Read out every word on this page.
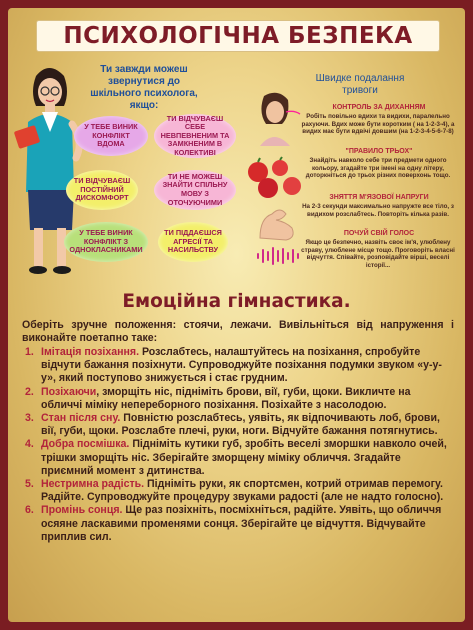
ПСИХОЛОГІЧНА БЕЗПЕКА
Ти завжди можеш звернутися до шкільного психолога, якщо:
У ТЕБЕ ВИНИК КОНФЛІКТ ВДОМА
ТИ ВІДЧУВАЄШ СЕБЕ НЕВПЕВНЕНИМ ТА ЗАМКНЕНИМ В КОЛЕКТИВІ
ТИ ВІДЧУВАЄШ ПОСТІЙНИЙ ДИСКОМФОРТ
ТИ НЕ МОЖЕШ ЗНАЙТИ СПІЛЬНУ МОВУ З ОТОЧУЮЧИМИ
У ТЕБЕ ВИНИК КОНФЛІКТ З ОДНОКЛАСНИКАМИ
ТИ ПІДДАЄШСЯ АГРЕСІЇ ТА НАСИЛЬСТВУ
Швидке подалання тривоги
КОНТРОЛЬ ЗА ДИХАННЯМ
Робіть повільно вдихи та видихи, паралельно рахуючи. Вдих може бути коротким ( на 1-2-3-4), а видих має бути вдвічі довшим (на 1-2-3-4-5-6-7-8)
"ПРАВИЛО ТРЬОХ"
Знайдіть навколо себе три предмети одного кольору, згадайте три імені на одну літеру, доторкніться до трьох різних поверхонь тощо.
ЗНЯТТЯ М'ЯЗОВОЇ НАПРУГИ
На 2-3 секунди максимально напружте все тіло, з видихом розслабтесь. Повторіть кілька разів.
ПОЧУЙ СВІЙ ГОЛОС
Якщо це безпечно, назвіть своє ім'я, улюблену страву, улюблене місце тощо. Проговоріть власні відчуття. Співайте, розповідайте вірші, веселі історії...
Емоційна гімнастика.
Оберіть зручне положення: стоячи, лежачи. Вивільніться від напруження і виконайте поетапно таке:
1. Імітація позіхання. Розслабтесь, налаштуйтесь на позіхання, спробуйте відчути бажання позіхнути. Супроводжуйте позіхання подумки звуком «у-у-у», який поступово знижується і стає грудним.
2. Позіхаючи, зморщіть ніс, підніміть брови, вії, губи, щоки. Викличте на обличчі міміку непереборного позіхання. Позіхайте з насолодою.
3. Стан після сну. Повністю розслабтесь, уявіть, як відпочивають лоб, брови, вії, губи, щоки. Розслабте плечі, руки, ноги. Відчуйте бажання потягнутись.
4. Добра посмішка. Підніміть кутики губ, зробіть веселі зморшки навколо очей, трішки зморщіть ніс. Зберігайте зморщену міміку обличчя. Згадайте приємний момент з дитинства.
5. Нестримна радість. Підніміть руки, як спортсмен, котрий отримав перемогу. Радійте. Супроводжуйте процедуру звуками радості (але не надто голосно).
6. Промінь сонця. Ще раз позіхніть, посміхніться, радійте. Уявіть, що обличчя осяяне ласкавими променями сонця. Зберігайте це відчуття. Відчувайте приплив сил.
